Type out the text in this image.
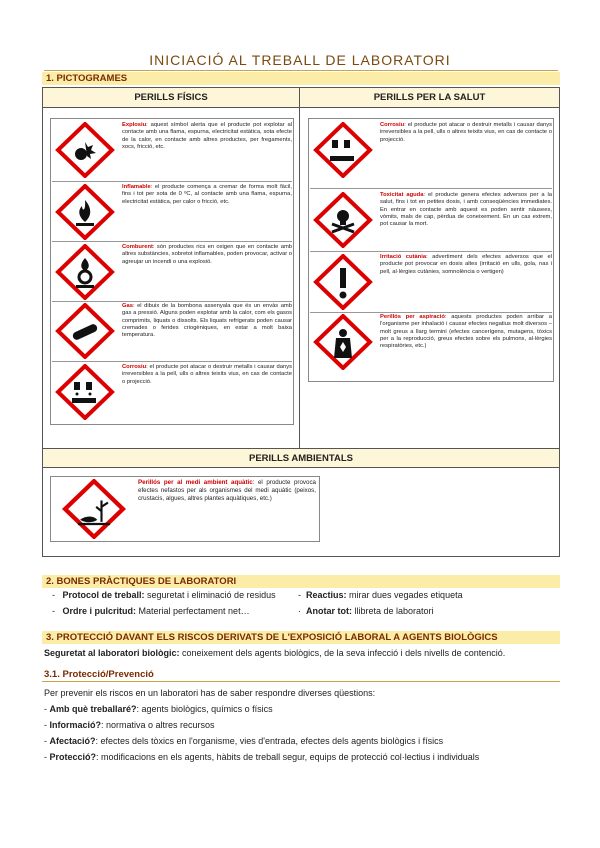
INICIACIÓ AL TREBALL DE LABORATORI
1. PICTOGRAMES
PERILLS FÍSICS	PERILLS PER LA SALUT
PERILLS AMBIENTALS
Explosiu: aquest símbol alerta que el producte pot explotar al contacte amb una flama, espurna, electricitat estàtica, sota efecte de la calor, en contacte amb altres productes, per fregaments, xocs, fricció, etc.
Inflamable: el producte comença a cremar de forma molt fàcil, fins i tot per sota de 0 ºC, al contacte amb una flama, espurna, electricitat estàtica, per calor o fricció, etc.
Comburent: són productes rics en oxigen que en contacte amb altres substàncies, sobretot inflamables, poden provocar, activar o agreujar un incendi o una explosió.
Gas: el dibuix de la bombona assenyala que és un envàs amb gas a pressió. Alguns poden explotar amb la calor, com els gasos comprimits, liquats o dissolts. Els liquats refrigerats poden causar cremades o ferides criogèniques, en estar a molt baixa temperatura.
Corrosiu: el producte pot atacar o destruir metalls i causar danys irreversibles a la pell, ulls o altres teixits vius, en cas de contacte o projecció.
Corrosiu: el producte pot atacar o destruir metalls i causar danys irreversibles a la pell, ulls o altres teixits vius, en cas de contacte o projecció.
Toxicitat aguda: el producte genera efectes adversos per a la salut, fins i tot en petites dosis, i amb conseqüències immediates. En entrar en contacte amb aquest es poden sentir nàusees, vòmits, mals de cap, pèrdua de coneixement. En un cas extrem, pot causar la mort.
Irritació cutània: advertiment dels efectes adversos que el producte pot provocar en dosis altes (irritació en ulls, gola, nas i pell, al·lèrgies cutànies, somnolència o vertigen)
Perillós per aspiració: aquests productes poden arribar a l'organisme per inhalació i causar efectes negatius molt diversos – molt greus a llarg termini (efectes cancerígens, mutagens, tòxics per a la reproducció, greus efectes sobre els pulmons, al·lèrgies respiratòries, etc.)
Perillós per al medi ambient aquàtic: el producte provoca efectes nefastos per als organismes del medi aquàtic (peixos, crustacis, algues, altres plantes aquàtiques, etc.)
2. BONES PRÀCTIQUES DE LABORATORI
-   Protocol de treball: seguretat i eliminació de residus -  Reactius: mirar dues vegades etiqueta
-   Ordre i pulcritud: Material perfectament net…	·  Anotar tot: llibreta de laboratori
3. PROTECCIÓ DAVANT ELS RISCOS DERIVATS DE L'EXPOSICIÓ LABORAL A AGENTS BIOLÒGICS
Seguretat al laboratori biològic: coneixement dels agents biològics, de la seva infecció i dels nivells de contenció.
3.1. Protecció/Prevenció
Per prevenir els riscos en un laboratori has de saber respondre diverses qüestions:
- Amb què treballaré?: agents biològics, químics o físics
- Informació?: normativa o altres recursos
- Afectació?: efectes dels tòxics en l'organisme, vies d'entrada, efectes dels agents biològics i físics
- Protecció?: modificacions en els agents, hàbits de treball segur, equips de protecció col·lectius i individuals
